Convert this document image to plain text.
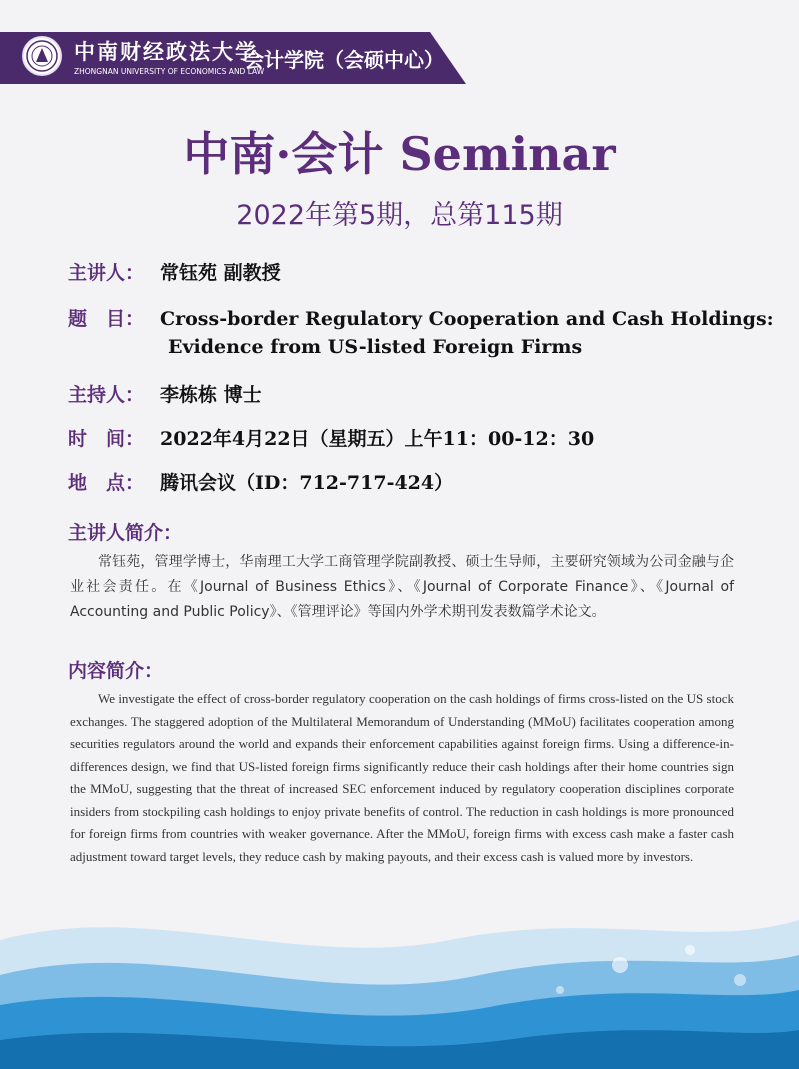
中南财经政法大学
ZHONGNAN UNIVERSITY OF ECONOMICS AND LAW
会计学院（会硕中心）
中南·会计 Seminar
2022年第5期，总第115期
主讲人： 常钰苑 副教授
题　目： Cross-border Regulatory Cooperation and Cash Holdings:
Evidence from US-listed Foreign Firms
主持人： 李栋栋 博士
时　间： 2022年4月22日（星期五）上午11：00-12：30
地　点： 腾讯会议（ID：712-717-424）
主讲人简介：
常钰苑，管理学博士，华南理工大学工商管理学院副教授、硕士生导师，主要研究领域为公司金融与企业社会责任。在《Journal of Business Ethics》、《Journal of Corporate Finance》、《Journal of Accounting and Public Policy》、《管理评论》等国内外学术期刊发表数篇学术论文。
内容简介：
We investigate the effect of cross-border regulatory cooperation on the cash holdings of firms cross-listed on the US stock exchanges. The staggered adoption of the Multilateral Memorandum of Understanding (MMoU) facilitates cooperation among securities regulators around the world and expands their enforcement capabilities against foreign firms. Using a difference-in-differences design, we find that US-listed foreign firms significantly reduce their cash holdings after their home countries sign the MMoU, suggesting that the threat of increased SEC enforcement induced by regulatory cooperation disciplines corporate insiders from stockpiling cash holdings to enjoy private benefits of control. The reduction in cash holdings is more pronounced for foreign firms from countries with weaker governance. After the MMoU, foreign firms with excess cash make a faster cash adjustment toward target levels, they reduce cash by making payouts, and their excess cash is valued more by investors.
